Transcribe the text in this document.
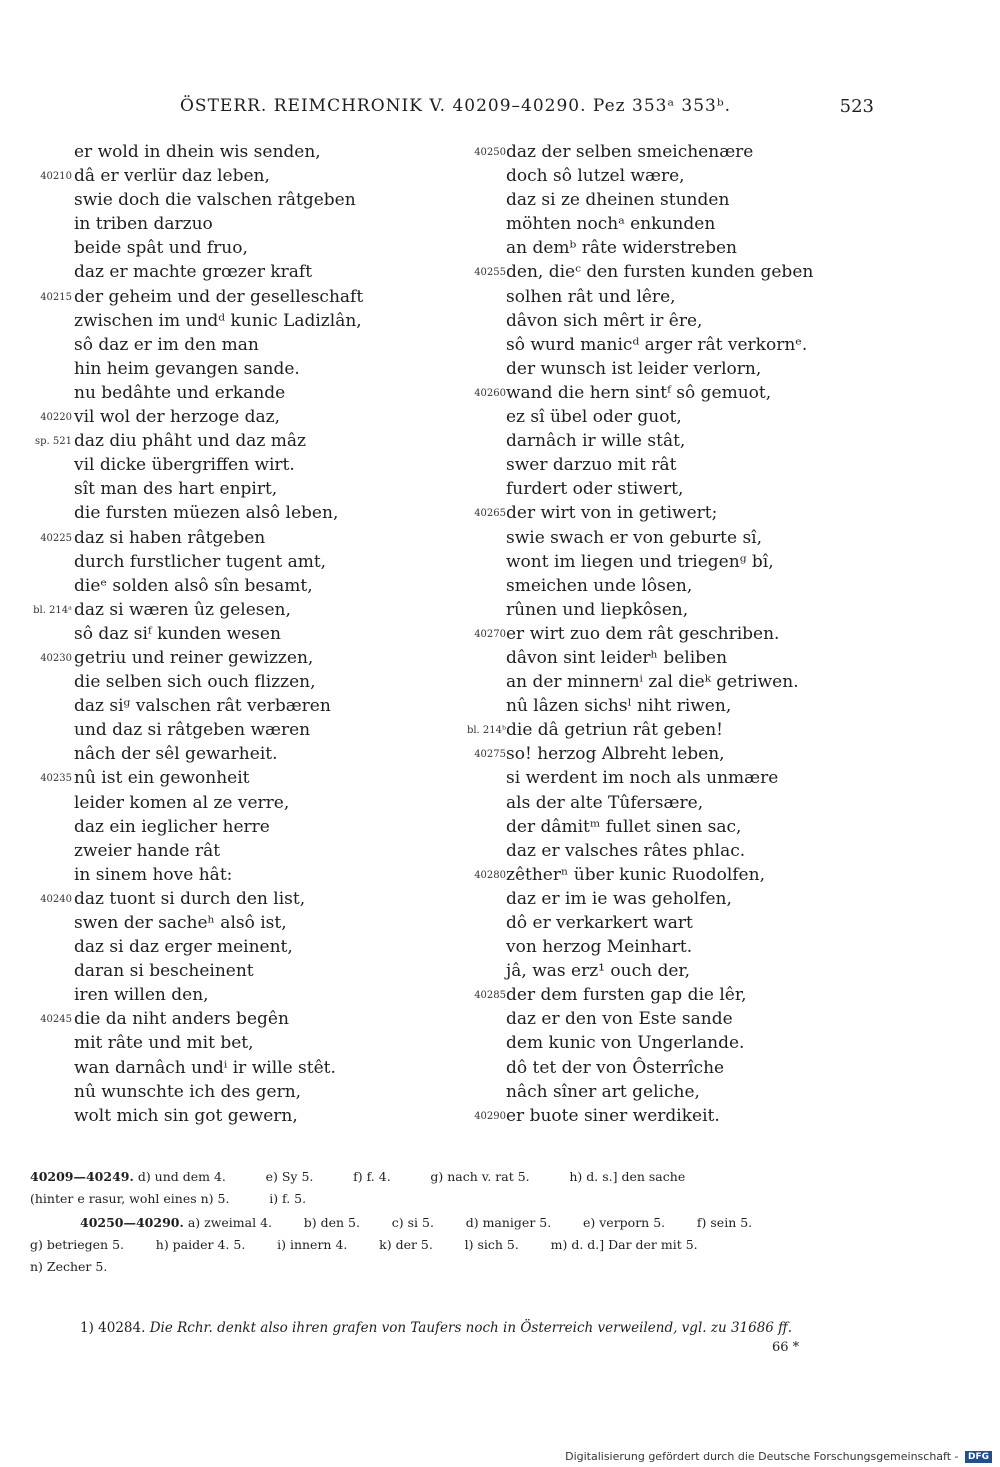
ÖSTERR. REIMCHRONIK V. 40209–40290. Pez 353ᵃ 353ᵇ.	523
er wold in dhein wis senden,
40210 dâ er verlür daz leben,
swie doch die valschen râtgeben
in triben darzuo
beide spât und fruo,
daz er machte grœzer kraft
40215 der geheim und der geselleschaft
zwischen im undᵈ kunic Ladizlân,
sô daz er im den man
hin heim gevangen sande.
nu bedâhte und erkande
40220 vil wol der herzoge daz,
sp. 521 daz diu phâht und daz mâz
vil dicke übergriffen wirt.
sît man des hart enpirt,
die fursten müezen alsô leben,
40225 daz si haben râtgeben
durch furstlicher tugent amt,
dieᵉ solden alsô sîn besamt,
bl. 214ᵃ daz si wæren ûz gelesen,
sô daz siᶠ kunden wesen
40230 getriu und reiner gewizzen,
die selben sich ouch flizzen,
daz siᵍ valschen rât verbæren
und daz si râtgeben wæren
nâch der sêl gewarheit.
40235 nû ist ein gewonheit
leider komen al ze verre,
daz ein ieglicher herre
zweier hande rât
in sinem hove hât:
40240 daz tuont si durch den list,
swen der sacheʰ alsô ist,
daz si daz erger meinent,
daran si bescheinent
iren willen den,
40245 die da niht anders begên
mit râte und mit bet,
wan darnâch undⁱ ir wille stêt.
nû wunschte ich des gern,
wolt mich sin got gewern,
40250 daz der selben smeichenære
doch sô lutzel wære,
daz si ze dheinen stunden
möhten nochᵃ enkunden
an demᵇ râte widerstreben
40255 den, dieᶜ den fursten kunden geben
solhen rât und lêre,
dâvon sich mêrt ir êre,
sô wurd manicᵈ arger rât verkornᵉ.
der wunsch ist leider verlorn,
40260 wand die hern sintᶠ sô gemuot,
ez sî übel oder guot,
darnâch ir wille stât,
swer darzuo mit rât
furdert oder stiwert,
40265 der wirt von in getiwert;
swie swach er von geburte sî,
wont im liegen und triegenᵍ bî,
smeichen unde lôsen,
rûnen und liepkôsen,
40270 er wirt zuo dem rât geschriben.
dâvon sint leiderʰ beliben
an der minnernⁱ zal dieᵏ getriwen.
nû lâzen sichsˡ niht riwen,
bl. 214ᵇ die dâ getriun rât geben!
40275 so! herzog Albreht leben,
si werdent im noch als unmære
als der alte Tûfersære,
der dâmitᵐ fullet sinen sac,
daz er valsches râtes phlac.
40280 zêtherⁿ über kunic Ruodolfen,
daz er im ie was geholfen,
dô er verkarkert wart
von herzog Meinhart.
jâ, was erz¹ ouch der,
40285 der dem fursten gap die lêr,
daz er den von Este sande
dem kunic von Ungerlande.
dô tet der von Ôsterrîche
nâch sîner art geliche,
40290 er buote siner werdikeit.
40209—40249. d) und dem 4.          e) Sy 5.          f) f. 4.          g) nach v. rat 5.          h) d. s.] den sache
(hinter e rasur, wohl eines n) 5.          i) f. 5.
40250—40290. a) zweimal 4.        b) den 5.        c) si 5.        d) maniger 5.        e) verporn 5.        f) sein 5.
g) betriegen 5.        h) paider 4. 5.        i) innern 4.        k) der 5.        l) sich 5.        m) d. d.] Dar der mit 5.
n) Zecher 5.
1) 40284. Die Rchr. denkt also ihren grafen von Taufers noch in Österreich verweilend, vgl. zu 31686 ff.
66 *
Digitalisierung gefördert durch die Deutsche Forschungsgemeinschaft - DFG
